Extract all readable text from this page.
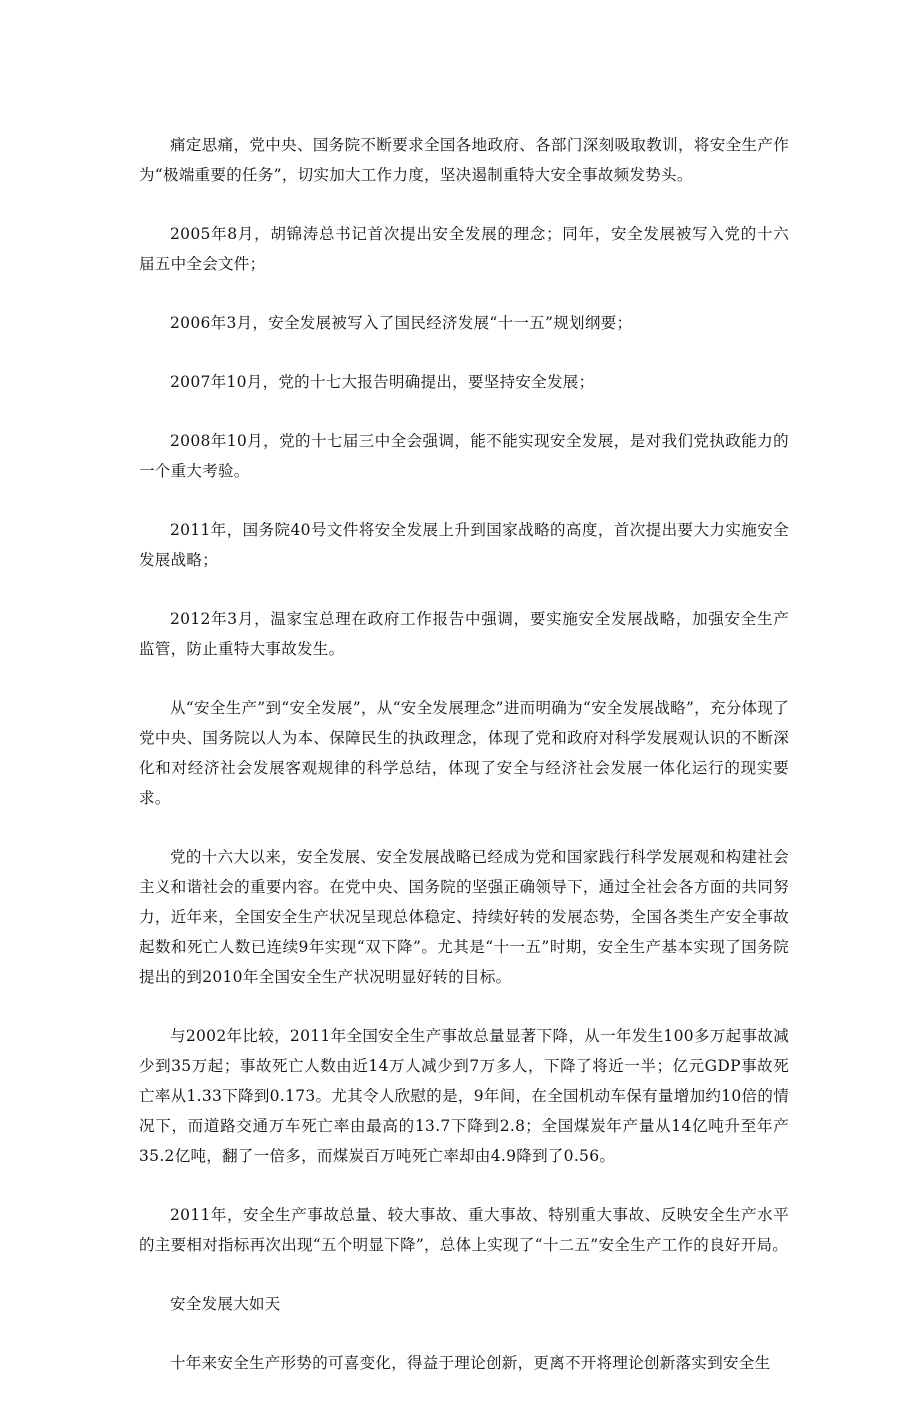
痛定思痛，党中央、国务院不断要求全国各地政府、各部门深刻吸取教训，将安全生产作为“极端重要的任务”，切实加大工作力度，坚决遏制重特大安全事故频发势头。

2005年8月，胡锦涛总书记首次提出安全发展的理念；同年，安全发展被写入党的十六届五中全会文件；

2006年3月，安全发展被写入了国民经济发展“十一五”规划纲要；

2007年10月，党的十七大报告明确提出，要坚持安全发展；

2008年10月，党的十七届三中全会强调，能不能实现安全发展，是对我们党执政能力的一个重大考验。

2011年，国务院40号文件将安全发展上升到国家战略的高度，首次提出要大力实施安全发展战略；

2012年3月，温家宝总理在政府工作报告中强调，要实施安全发展战略，加强安全生产监管，防止重特大事故发生。

从“安全生产”到“安全发展”，从“安全发展理念”进而明确为“安全发展战略”，充分体现了党中央、国务院以人为本、保障民生的执政理念，体现了党和政府对科学发展观认识的不断深化和对经济社会发展客观规律的科学总结，体现了安全与经济社会发展一体化运行的现实要求。

党的十六大以来，安全发展、安全发展战略已经成为党和国家践行科学发展观和构建社会主义和谐社会的重要内容。在党中央、国务院的坚强正确领导下，通过全社会各方面的共同努力，近年来，全国安全生产状况呈现总体稳定、持续好转的发展态势，全国各类生产安全事故起数和死亡人数已连续9年实现“双下降”。尤其是“十一五”时期，安全生产基本实现了国务院提出的到2010年全国安全生产状况明显好转的目标。

与2002年比较，2011年全国安全生产事故总量显著下降，从一年发生100多万起事故减少到35万起；事故死亡人数由近14万人减少到7万多人，下降了将近一半；亿元GDP事故死亡率从1.33下降到0.173。尤其令人欣慰的是，9年间，在全国机动车保有量增加约10倍的情况下，而道路交通万车死亡率由最高的13.7下降到2.8；全国煤炭年产量从14亿吨升至年产35.2亿吨，翻了一倍多，而煤炭百万吨死亡率却由4.9降到了0.56。

2011年，安全生产事故总量、较大事故、重大事故、特别重大事故、反映安全生产水平的主要相对指标再次出现“五个明显下降”，总体上实现了“十二五”安全生产工作的良好开局。

安全发展大如天

十年来安全生产形势的可喜变化，得益于理论创新，更离不开将理论创新落实到安全生
